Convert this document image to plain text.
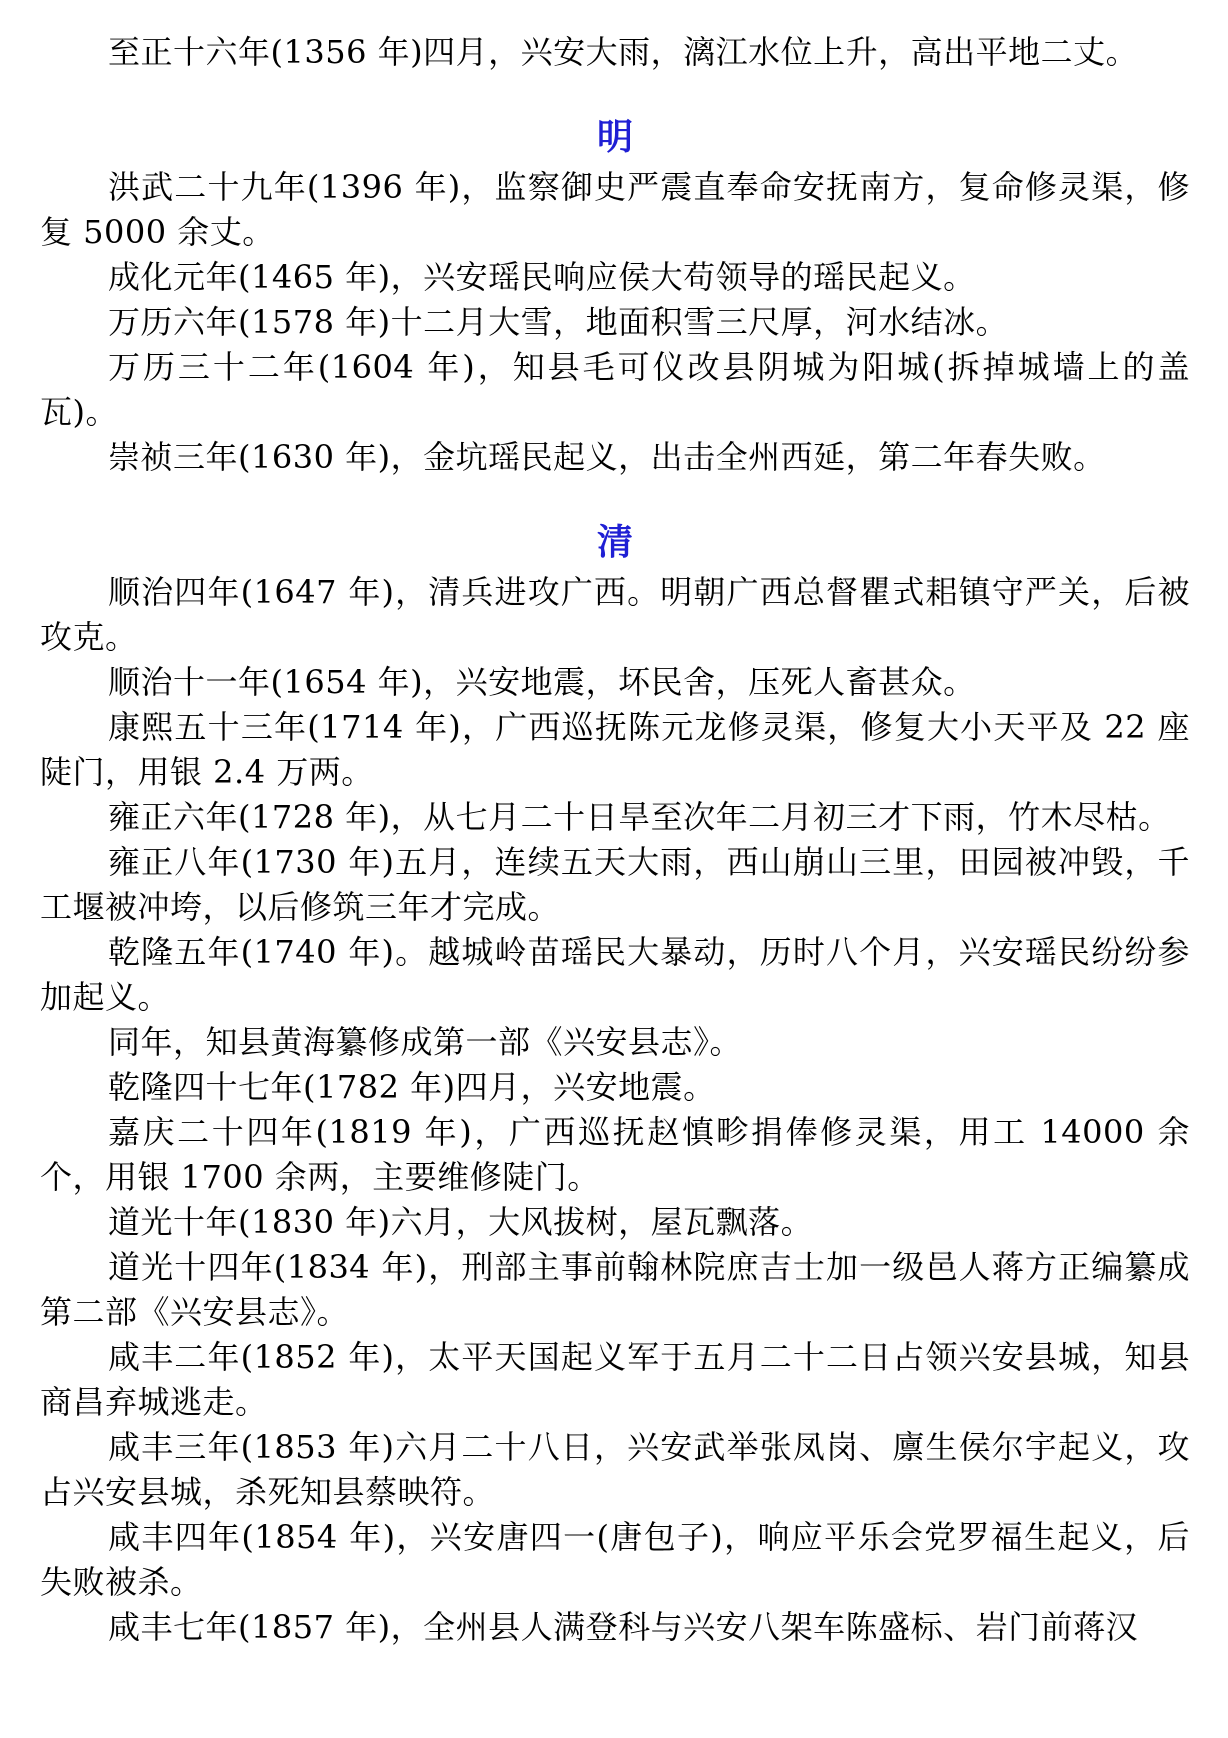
至正十六年(1356 年)四月，兴安大雨，漓江水位上升，高出平地二丈。

明

洪武二十九年(1396 年)，监察御史严震直奉命安抚南方，复命修灵渠，修复 5000 余丈。

成化元年(1465 年)，兴安瑶民响应侯大苟领导的瑶民起义。

万历六年(1578 年)十二月大雪，地面积雪三尺厚，河水结冰。

万历三十二年(1604 年)，知县毛可仪改县阴城为阳城(拆掉城墙上的盖瓦)。

崇祯三年(1630 年)，金坑瑶民起义，出击全州西延，第二年春失败。

清

顺治四年(1647 年)，清兵进攻广西。明朝广西总督瞿式耜镇守严关，后被攻克。

顺治十一年(1654 年)，兴安地震，坏民舍，压死人畜甚众。

康熙五十三年(1714 年)，广西巡抚陈元龙修灵渠，修复大小天平及 22 座陡门，用银 2.4 万两。

雍正六年(1728 年)，从七月二十日旱至次年二月初三才下雨，竹木尽枯。

雍正八年(1730 年)五月，连续五天大雨，西山崩山三里，田园被冲毁，千工堰被冲垮，以后修筑三年才完成。

乾隆五年(1740 年)。越城岭苗瑶民大暴动，历时八个月，兴安瑶民纷纷参加起义。

同年，知县黄海纂修成第一部《兴安县志》。

乾隆四十七年(1782 年)四月，兴安地震。

嘉庆二十四年(1819 年)，广西巡抚赵慎畛捐俸修灵渠，用工 14000 余个，用银 1700 余两，主要维修陡门。

道光十年(1830 年)六月，大风拔树，屋瓦飘落。

道光十四年(1834 年)，刑部主事前翰林院庶吉士加一级邑人蒋方正编纂成第二部《兴安县志》。

咸丰二年(1852 年)，太平天国起义军于五月二十二日占领兴安县城，知县商昌弃城逃走。

咸丰三年(1853 年)六月二十八日，兴安武举张凤岗、廪生侯尔宇起义，攻占兴安县城，杀死知县蔡映符。

咸丰四年(1854 年)，兴安唐四一(唐包子)，响应平乐会党罗福生起义，后失败被杀。

咸丰七年(1857 年)，全州县人满登科与兴安八架车陈盛标、岩门前蒋汉
